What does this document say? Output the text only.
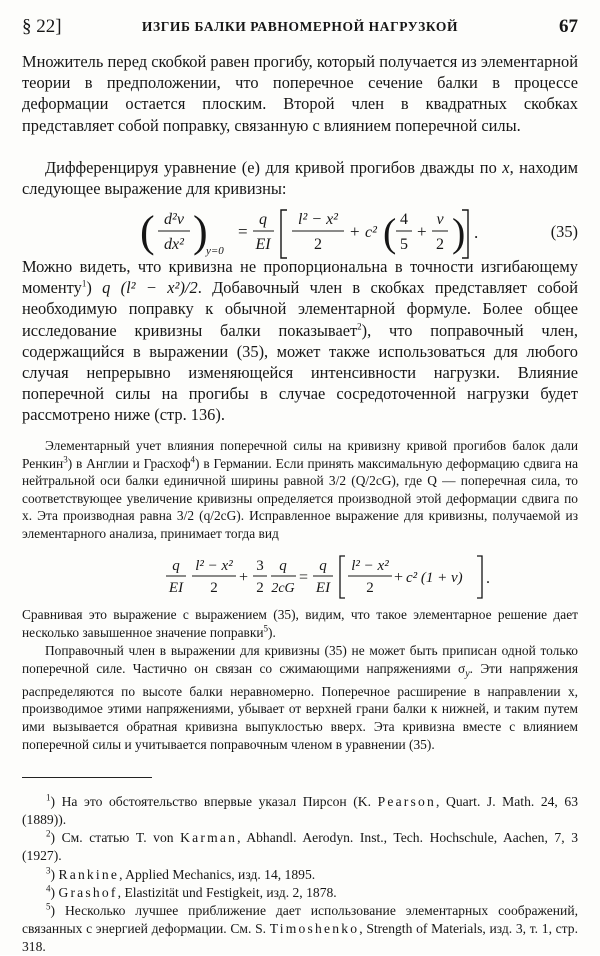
§ 22]	ИЗГИБ БАЛКИ РАВНОМЕРНОЙ НАГРУЗКОЙ	67

Множитель перед скобкой равен прогибу, который получается из элементарной теории в предположении, что поперечное сечение балки в процессе деформации остается плоским. Второй член в квадратных скобках представляет собой поправку, связанную с влиянием поперечной силы.

Дифференцируя уравнение (е) для кривой прогибов дважды по x, находим следующее выражение для кривизны:

( d²v
dx² )
y=0
=
q
EI
l² − x²
2
+ c² ( 4
5
+
ν
2 ) .	(35)

Можно видеть, что кривизна не пропорциональна в точности изгибающему моменту$^1$) q (l² − x²)/2. Добавочный член в скобках представляет собой необходимую поправку к обычной элементарной формуле. Более общее исследование кривизны балки показывает$^2$), что поправочный член, содержащийся в выражении (35), может также использоваться для любого случая непрерывно изменяющейся интенсивности нагрузки. Влияние поперечной силы на прогибы в случае сосредоточенной нагрузки будет рассмотрено ниже (стр. 136).

Элементарный учет влияния поперечной силы на кривизну кривой прогибов балок дали Ренкин$^3$) в Англии и Грасхоф$^4$) в Германии. Если принять максимальную деформацию сдвига на нейтральной оси балки единичной ширины равной 3/2 (Q/2cG), где Q — поперечная сила, то соответствующее увеличение кривизны определяется производной этой деформации сдвига по x. Эта производная равна 3/2 (q/2cG). Исправленное выражение для кривизны, получаемой из элементарного анализа, принимает тогда вид

q
EI
l² − x²
2
+
3
2
q
2cG
=
q
EI
l² − x²
2
+ c² (1 + ν) .

Сравнивая это выражение с выражением (35), видим, что такое элементарное решение дает несколько завышенное значение поправки$^5$).

Поправочный член в выражении для кривизны (35) не может быть приписан одной только поперечной силе. Частично он связан со сжимающими напряжениями $\sigma_y$. Эти напряжения распределяются по высоте балки неравномерно. Поперечное расширение в направлении x, производимое этими напряжениями, убывает от верхней грани балки к нижней, и таким путем ими вызывается обратная кривизна выпуклостью вверх. Эта кривизна вместе с влиянием поперечной силы и учитывается поправочным членом в уравнении (35).

$^1$) На это обстоятельство впервые указал Пирсон (K. Pearson, Quart. J. Math. 24, 63 (1889)).

$^2$) См. статью T. von Karman, Abhandl. Aerodyn. Inst., Tech. Hochschule, Aachen, 7, 3 (1927).

$^3$) Rankine, Applied Mechanics, изд. 14, 1895.

$^4$) Grashof, Elastizität und Festigkeit, изд. 2, 1878.

$^5$) Несколько лучшее приближение дает использование элементарных соображений, связанных с энергией деформации. См. S. Timoshenko, Strength of Materials, изд. 3, т. 1, стр. 318.
